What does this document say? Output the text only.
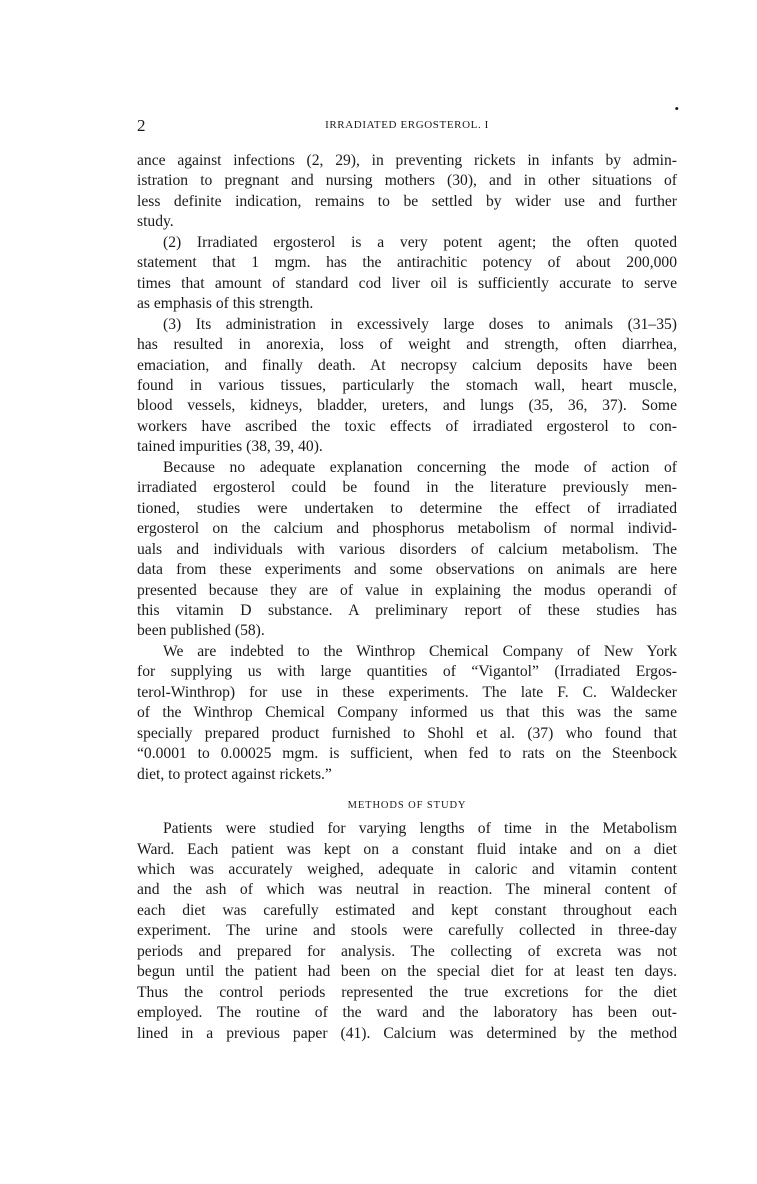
2	IRRADIATED ERGOSTEROL. I
•

ance against infections (2, 29), in preventing rickets in infants by admin-
istration to pregnant and nursing mothers (30), and in other situations of
less definite indication, remains to be settled by wider use and further
study.

(2) Irradiated ergosterol is a very potent agent; the often quoted
statement that 1 mgm. has the antirachitic potency of about 200,000
times that amount of standard cod liver oil is sufficiently accurate to serve
as emphasis of this strength.

(3) Its administration in excessively large doses to animals (31–35)
has resulted in anorexia, loss of weight and strength, often diarrhea,
emaciation, and finally death. At necropsy calcium deposits have been
found in various tissues, particularly the stomach wall, heart muscle,
blood vessels, kidneys, bladder, ureters, and lungs (35, 36, 37). Some
workers have ascribed the toxic effects of irradiated ergosterol to con-
tained impurities (38, 39, 40).

Because no adequate explanation concerning the mode of action of
irradiated ergosterol could be found in the literature previously men-
tioned, studies were undertaken to determine the effect of irradiated
ergosterol on the calcium and phosphorus metabolism of normal individ-
uals and individuals with various disorders of calcium metabolism. The
data from these experiments and some observations on animals are here
presented because they are of value in explaining the modus operandi of
this vitamin D substance. A preliminary report of these studies has
been published (58).

We are indebted to the Winthrop Chemical Company of New York
for supplying us with large quantities of “Vigantol” (Irradiated Ergos-
terol-Winthrop) for use in these experiments. The late F. C. Waldecker
of the Winthrop Chemical Company informed us that this was the same
specially prepared product furnished to Shohl et al. (37) who found that
“0.0001 to 0.00025 mgm. is sufficient, when fed to rats on the Steenbock
diet, to protect against rickets.”

METHODS OF STUDY

Patients were studied for varying lengths of time in the Metabolism
Ward. Each patient was kept on a constant fluid intake and on a diet
which was accurately weighed, adequate in caloric and vitamin content
and the ash of which was neutral in reaction. The mineral content of
each diet was carefully estimated and kept constant throughout each
experiment. The urine and stools were carefully collected in three-day
periods and prepared for analysis. The collecting of excreta was not
begun until the patient had been on the special diet for at least ten days.
Thus the control periods represented the true excretions for the diet
employed. The routine of the ward and the laboratory has been out-
lined in a previous paper (41). Calcium was determined by the method
